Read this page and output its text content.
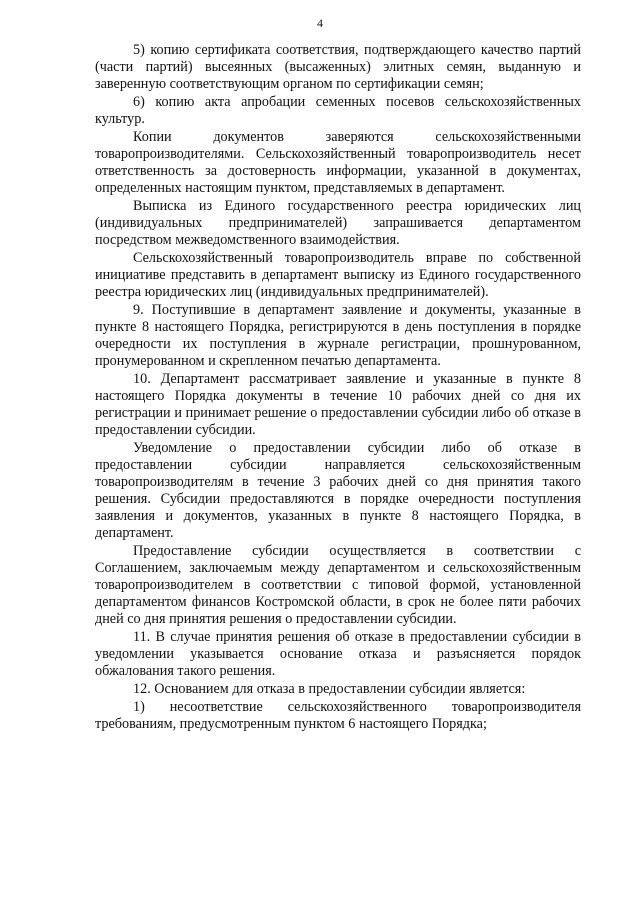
4

5) копию сертификата соответствия, подтверждающего качество партий (части партий) высеянных (высаженных) элитных семян, выданную и заверенную соответствующим органом по сертификации семян;

6) копию акта апробации семенных посевов сельскохозяйственных культур.

Копии документов заверяются сельскохозяйственными товаропроизводителями. Сельскохозяйственный товаропроизводитель несет ответственность за достоверность информации, указанной в документах, определенных настоящим пунктом, представляемых в департамент.

Выписка из Единого государственного реестра юридических лиц (индивидуальных предпринимателей) запрашивается департаментом посредством межведомственного взаимодействия.

Сельскохозяйственный товаропроизводитель вправе по собственной инициативе представить в департамент выписку из Единого государственного реестра юридических лиц (индивидуальных предпринимателей).

9. Поступившие в департамент заявление и документы, указанные в пункте 8 настоящего Порядка, регистрируются в день поступления в порядке очередности их поступления в журнале регистрации, прошнурованном, пронумерованном и скрепленном печатью департамента.

10. Департамент рассматривает заявление и указанные в пункте 8 настоящего Порядка документы в течение 10 рабочих дней со дня их регистрации и принимает решение о предоставлении субсидии либо об отказе в предоставлении субсидии.

Уведомление о предоставлении субсидии либо об отказе в предоставлении субсидии направляется сельскохозяйственным товаропроизводителям в течение 3 рабочих дней со дня принятия такого решения. Субсидии предоставляются в порядке очередности поступления заявления и документов, указанных в пункте 8 настоящего Порядка, в департамент.

Предоставление субсидии осуществляется в соответствии с Соглашением, заключаемым между департаментом и сельскохозяйственным товаропроизводителем в соответствии с типовой формой, установленной департаментом финансов Костромской области, в срок не более пяти рабочих дней со дня принятия решения о предоставлении субсидии.

11. В случае принятия решения об отказе в предоставлении субсидии в уведомлении указывается основание отказа и разъясняется порядок обжалования такого решения.

12. Основанием для отказа в предоставлении субсидии является:

1) несоответствие сельскохозяйственного товаропроизводителя требованиям, предусмотренным пунктом 6 настоящего Порядка;
